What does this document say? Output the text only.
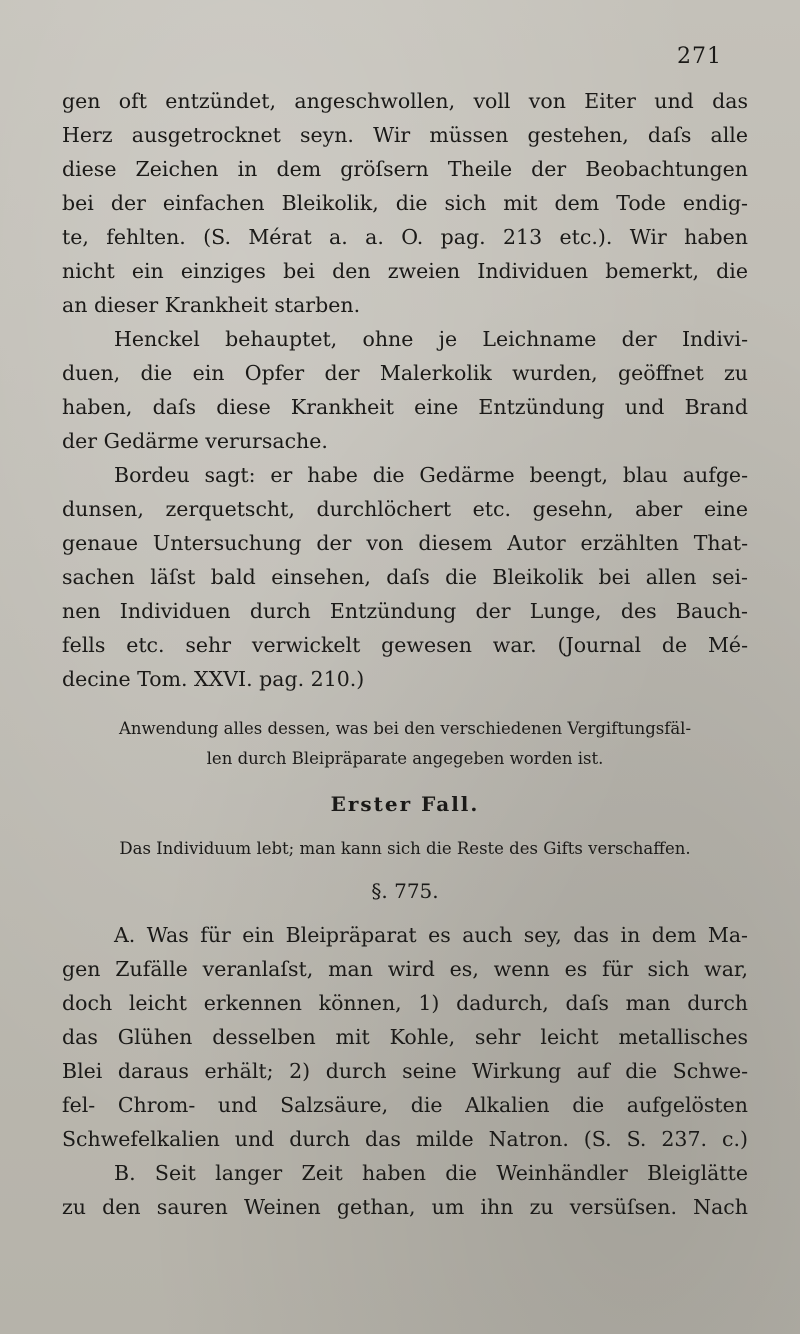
271
gen oft entzündet, angeschwollen, voll von Eiter und das
Herz ausgetrocknet seyn. Wir müssen gestehen, daſs alle
diese Zeichen in dem gröſsern Theile der Beobachtungen
bei der einfachen Bleikolik, die sich mit dem Tode endig-
te, fehlten. (S. Mérat a. a. O. pag. 213 etc.). Wir haben
nicht ein einziges bei den zweien Individuen bemerkt, die
an dieser Krankheit starben.
Henckel behauptet, ohne je Leichname der Indivi-
duen, die ein Opfer der Malerkolik wurden, geöffnet zu
haben, daſs diese Krankheit eine Entzündung und Brand
der Gedärme verursache.
Bordeu sagt: er habe die Gedärme beengt, blau aufge-
dunsen, zerquetscht, durchlöchert etc. gesehn, aber eine
genaue Untersuchung der von diesem Autor erzählten That-
sachen läſst bald einsehen, daſs die Bleikolik bei allen sei-
nen Individuen durch Entzündung der Lunge, des Bauch-
fells etc. sehr verwickelt gewesen war. (Journal de Mé-
decine Tom. XXVI. pag. 210.)
Anwendung alles dessen, was bei den verschiedenen Vergiftungsfäl-
len durch Bleipräparate angegeben worden ist.
Erster Fall.
Das Individuum lebt; man kann sich die Reste des Gifts verschaffen.
§. 775.
A. Was für ein Bleipräparat es auch sey, das in dem Ma-
gen Zufälle veranlaſst, man wird es, wenn es für sich war,
doch leicht erkennen können, 1) dadurch, daſs man durch
das Glühen desselben mit Kohle, sehr leicht metallisches
Blei daraus erhält; 2) durch seine Wirkung auf die Schwe-
fel- Chrom- und Salzsäure, die Alkalien die aufgelösten
Schwefelkalien und durch das milde Natron. (S. S. 237. c.)
B. Seit langer Zeit haben die Weinhändler Bleiglätte
zu den sauren Weinen gethan, um ihn zu versüſsen. Nach
